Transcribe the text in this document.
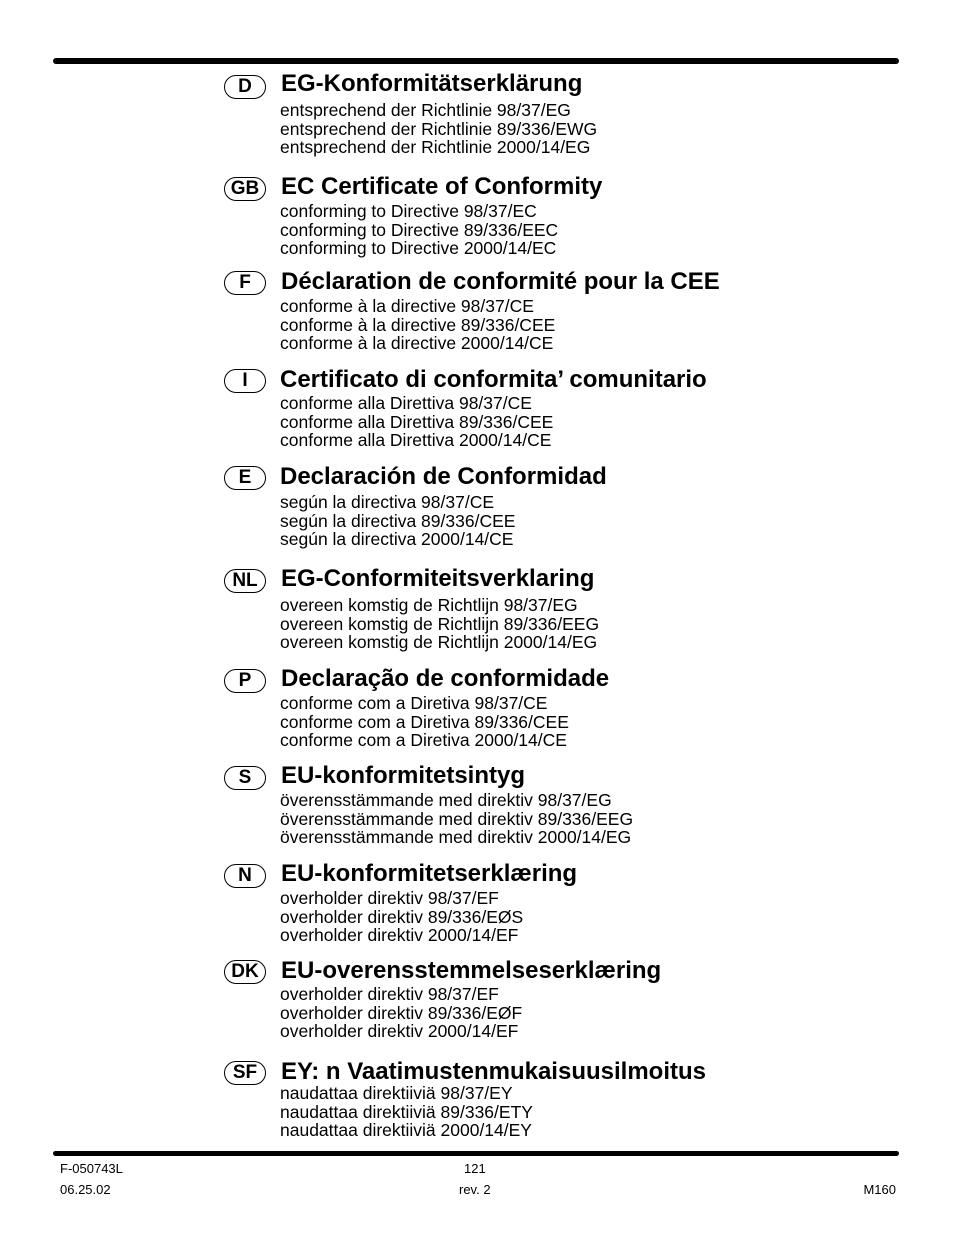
D	EG-Konformitätserklärung
entsprechend der Richtlinie 98/37/EG
entsprechend der Richtlinie 89/336/EWG
entsprechend der Richtlinie 2000/14/EG
GB EC Certificate of Conformity
conforming to Directive 98/37/EC
conforming to Directive 89/336/EEC
conforming to Directive 2000/14/EC
F	Déclaration de conformité pour la CEE
conforme à la directive 98/37/CE
conforme à la directive 89/336/CEE
conforme à la directive 2000/14/CE
I	Certificato di conformita’ comunitario
conforme alla Direttiva 98/37/CE
conforme alla Direttiva 89/336/CEE
conforme alla Direttiva 2000/14/CE
E	Declaración de Conformidad
según la directiva 98/37/CE
según la directiva 89/336/CEE
según la directiva 2000/14/CE
NL EG-Conformiteitsverklaring
overeen komstig de Richtlijn 98/37/EG
overeen komstig de Richtlijn 89/336/EEG
overeen komstig de Richtlijn 2000/14/EG
P	Declaração de conformidade
conforme com a Diretiva 98/37/CE
conforme com a Diretiva 89/336/CEE
conforme com a Diretiva 2000/14/CE
S	EU-konformitetsintyg
överensstämmande med direktiv 98/37/EG
överensstämmande med direktiv 89/336/EEG
överensstämmande med direktiv 2000/14/EG
N	EU-konformitetserklæring
overholder direktiv 98/37/EF
overholder direktiv 89/336/EØS
overholder direktiv 2000/14/EF
DK EU-overensstemmelseserklæring
overholder direktiv 98/37/EF
overholder direktiv 89/336/EØF
overholder direktiv 2000/14/EF
SF EY: n Vaatimustenmukaisuusilmoitus
naudattaa direktiiviä 98/37/EY
naudattaa direktiiviä 89/336/ETY
naudattaa direktiiviä 2000/14/EY
F-050743L
06.25.02
121
rev. 2	M160
